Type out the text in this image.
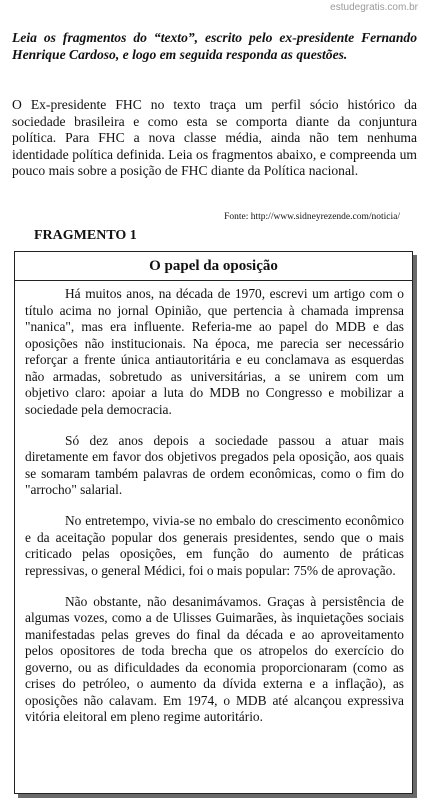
estudegratis.com.br

Leia os fragmentos do “texto”, escrito pelo ex-presidente Fernando Henrique Cardoso, e logo em seguida responda as questões.

O Ex-presidente FHC no texto traça um perfil sócio histórico da sociedade brasileira e como esta se comporta diante da conjuntura política. Para FHC a nova classe média, ainda não tem nenhuma identidade política definida. Leia os fragmentos abaixo, e compreenda um pouco mais sobre a posição de FHC diante da Política nacional.

Fonte: http://www.sidneyrezende.com/noticia/
FRAGMENTO 1
O papel da oposição

Há muitos anos, na década de 1970, escrevi um artigo com o título acima no jornal Opinião, que pertencia à chamada imprensa "nanica", mas era influente. Referia-me ao papel do MDB e das oposições não institucionais. Na época, me parecia ser necessário reforçar a frente única antiautoritária e eu conclamava as esquerdas não armadas, sobretudo as universitárias, a se unirem com um objetivo claro: apoiar a luta do MDB no Congresso e mobilizar a sociedade pela democracia.

Só dez anos depois a sociedade passou a atuar mais diretamente em favor dos objetivos pregados pela oposição, aos quais se somaram também palavras de ordem econômicas, como o fim do "arrocho" salarial.

No entretempo, vivia-se no embalo do crescimento econômico e da aceitação popular dos generais presidentes, sendo que o mais criticado pelas oposições, em função do aumento de práticas repressivas, o general Médici, foi o mais popular: 75% de aprovação.

Não obstante, não desanimávamos. Graças à persistência de algumas vozes, como a de Ulisses Guimarães, às inquietações sociais manifestadas pelas greves do final da década e ao aproveitamento pelos opositores de toda brecha que os atropelos do exercício do governo, ou as dificuldades da economia proporcionaram (como as crises do petróleo, o aumento da dívida externa e a inflação), as oposições não calavam. Em 1974, o MDB até alcançou expressiva vitória eleitoral em pleno regime autoritário.
